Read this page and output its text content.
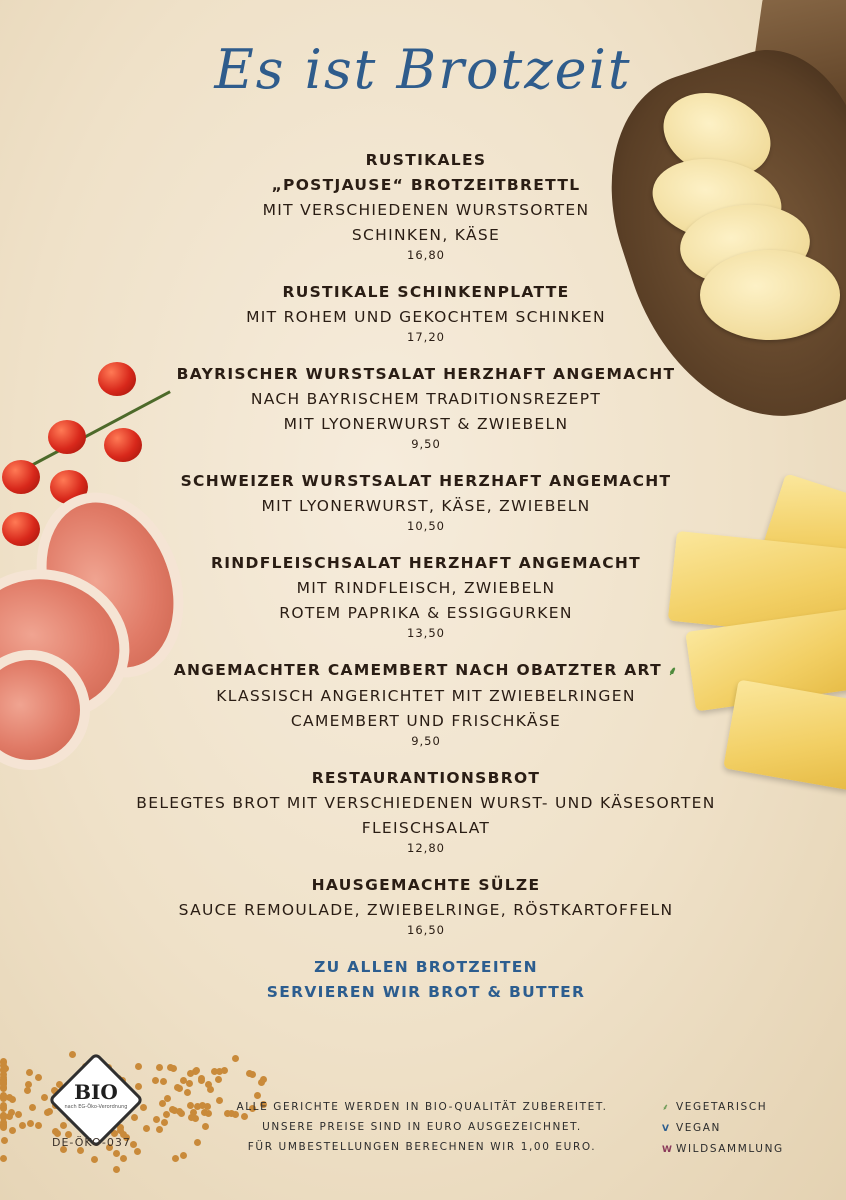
Es ist Brotzeit
RUSTIKALES
„POSTJAUSE“ BROTZEITBRETTL
MIT VERSCHIEDENEN WURSTSORTEN
SCHINKEN, KÄSE
16,80
RUSTIKALE SCHINKENPLATTE
MIT ROHEM UND GEKOCHTEM SCHINKEN
17,20
BAYRISCHER WURSTSALAT HERZHAFT ANGEMACHT
NACH BAYRISCHEM TRADITIONSREZEPT
MIT LYONERWURST & ZWIEBELN
9,50
SCHWEIZER WURSTSALAT HERZHAFT ANGEMACHT
MIT LYONERWURST, KÄSE, ZWIEBELN
10,50
RINDFLEISCHSALAT HERZHAFT ANGEMACHT
MIT RINDFLEISCH, ZWIEBELN
ROTEM PAPRIKA & ESSIGGURKEN
13,50
ANGEMACHTER CAMEMBERT NACH OBATZTER ART ⸙
KLASSISCH ANGERICHTET MIT ZWIEBELRINGEN
CAMEMBERT UND FRISCHKÄSE
9,50
RESTAURANTIONSBROT
BELEGTES BROT MIT VERSCHIEDENEN WURST- UND KÄSESORTEN
FLEISCHSALAT
12,80
HAUSGEMACHTE SÜLZE
SAUCE REMOULADE, ZWIEBELRINGE, RÖSTKARTOFFELN
16,50
ZU ALLEN BROTZEITEN
SERVIEREN WIR BROT & BUTTER
BIO
nach EG-Öko-Verordnung
DE-ÖKO-037
ALLE GERICHTE WERDEN IN BIO-QUALITÄT ZUBEREITET.
UNSERE PREISE SIND IN EURO AUSGEZEICHNET.
FÜR UMBESTELLUNGEN BERECHNEN WIR 1,00 EURO.
⸙ VEGETARISCH
V VEGAN
W WILDSAMMLUNG
